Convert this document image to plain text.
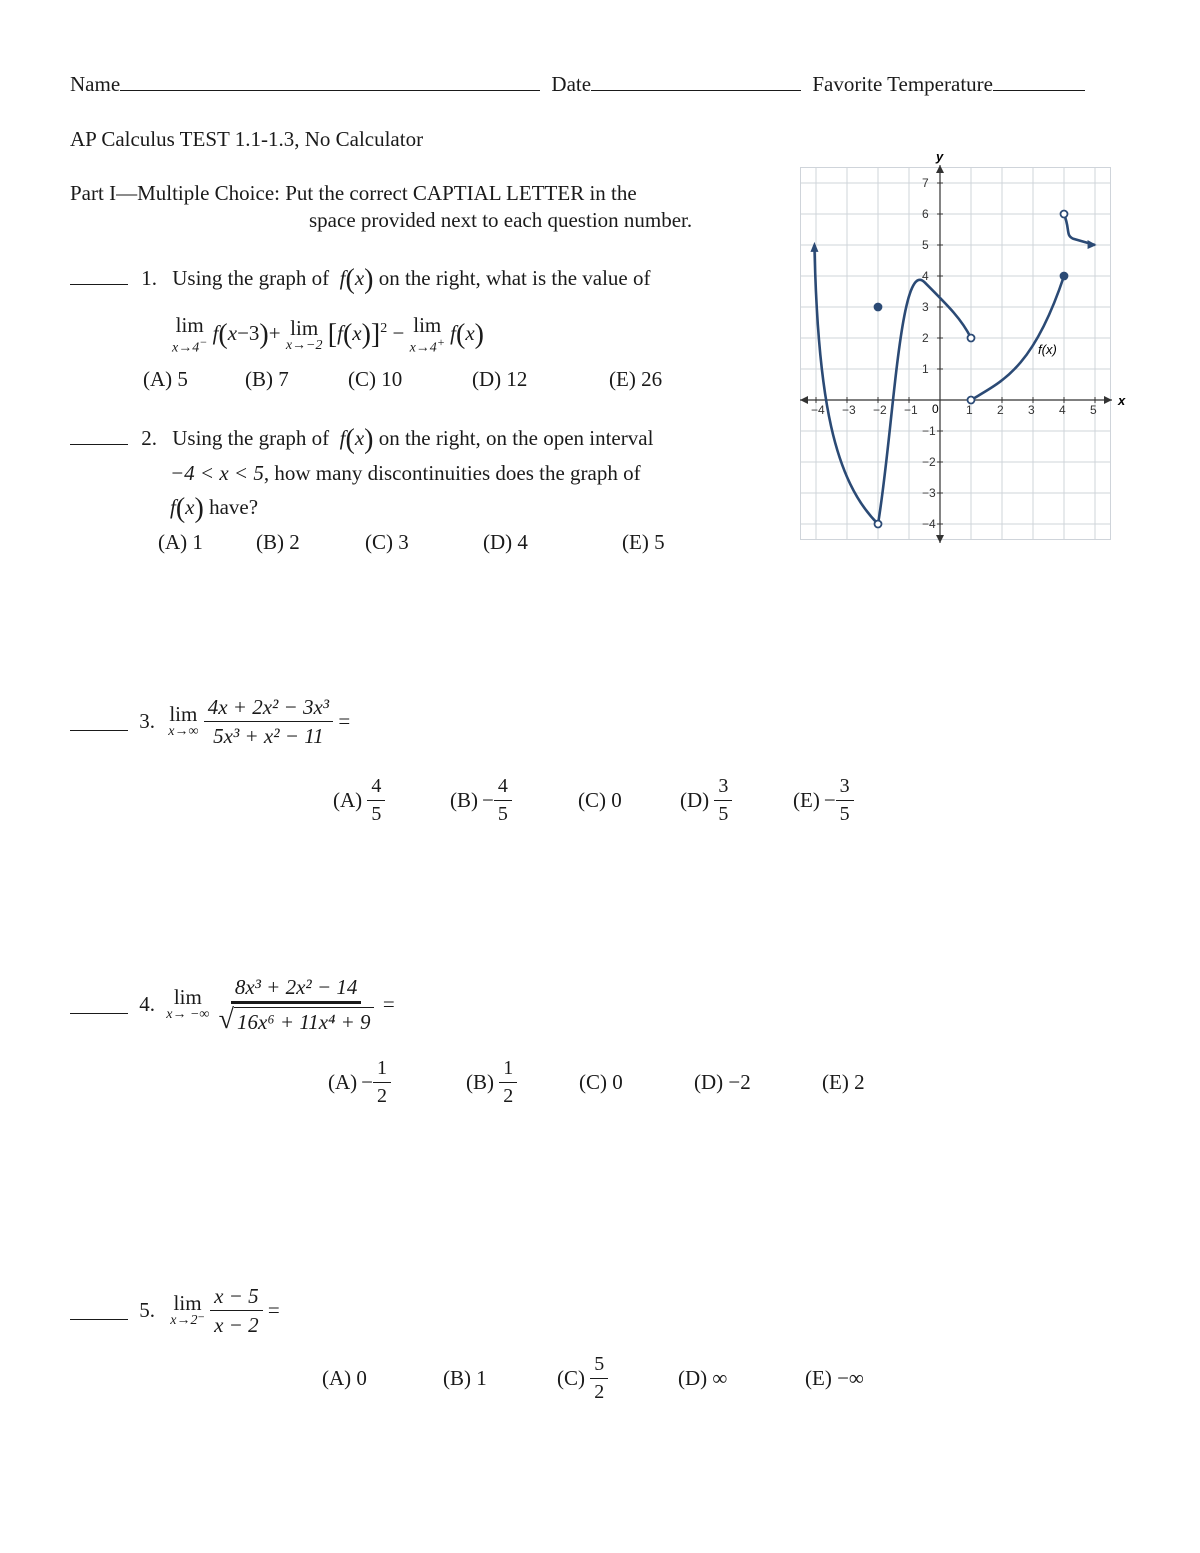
Name	Date	Favorite Temperature
AP Calculus TEST 1.1-1.3, No Calculator
Part I—Multiple Choice: Put the correct CAPTIAL LETTER in the
space provided next to each question number.
1. Using the graph of  f(x) on the right, what is the value of
lim
x→4− f(x−3)+ lim
x→−2 $[f(x)]^2 - \lim$
x→4+ f(x)
(A) 5	(B) 7	(C) 10	(D) 12	(E) 26
2. Using the graph of  f(x) on the right, on the open interval
−4 < x < 5, how many discontinuities does the graph of
f(x) have?
(A) 1	(B) 2	(C) 3	(D) 4	(E) 5
−4 −3 −2 −1	1 2 3 4 5
7
6
5
4
3
2
1
−1
−2
−3
−4
x
y
0
f(x)
3. lim
x→∞
$\frac{\text{4x + 2x² − 3x³}}{\text{5x³ + x² − 11}}$ =
$(A) \frac{4}{5}$	$(B) - \frac{4}{5}$	(C) 0	$(D) \frac{3}{5}$	$(E) - \frac{3}{5}$
4. lim
x→ −∞
$\frac{\text{8x³ + 2x² − 14}}{\text{√ 16x⁶ + 11x⁴ + 9}}$ =
$(A) - \frac{1}{2}$	$(B) \frac{1}{2}$	(C) 0	(D) −2	(E) 2
5. lim
x→2⁻
$\frac{x - 5}{x - 2}$ =
(A) 0	(B) 1	$(C) \frac{5}{2}$	(D) ∞	(E) −∞
